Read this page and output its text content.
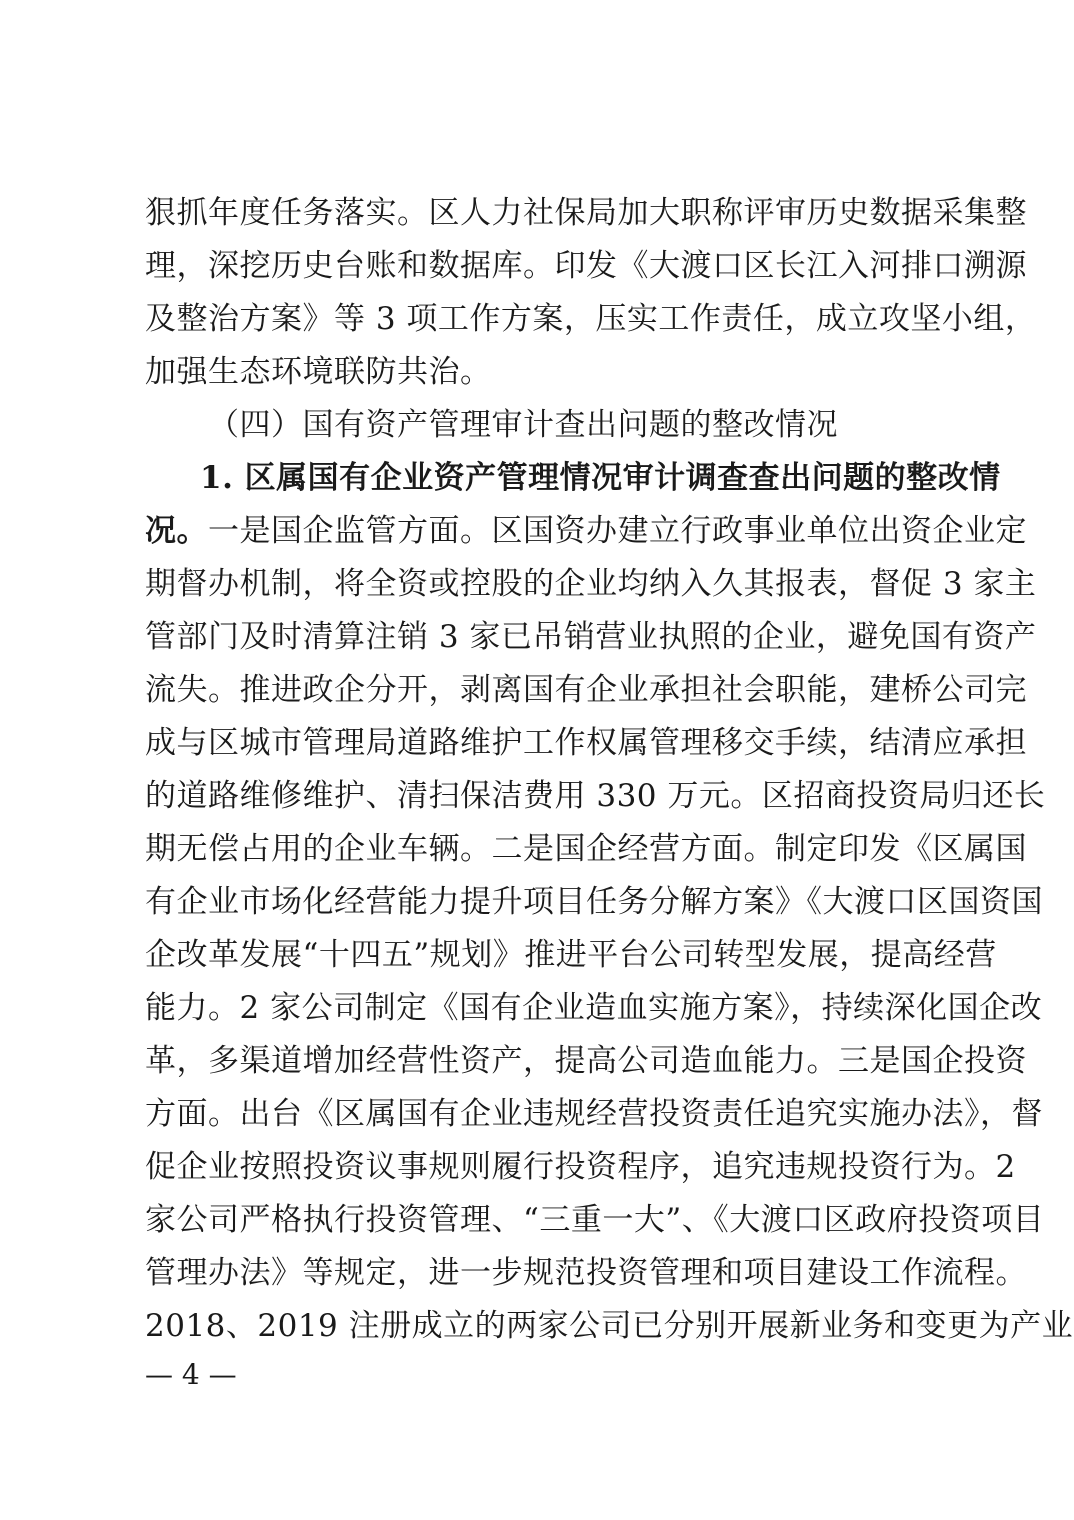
狠抓年度任务落实。区人力社保局加大职称评审历史数据采集整
理，深挖历史台账和数据库。印发《大渡口区长江入河排口溯源
及整治方案》等 3 项工作方案，压实工作责任，成立攻坚小组，
加强生态环境联防共治。
（四）国有资产管理审计查出问题的整改情况
1. 区属国有企业资产管理情况审计调查查出问题的整改情
况。一是国企监管方面。区国资办建立行政事业单位出资企业定
期督办机制，将全资或控股的企业均纳入久其报表，督促 3 家主
管部门及时清算注销 3 家已吊销营业执照的企业，避免国有资产
流失。推进政企分开，剥离国有企业承担社会职能，建桥公司完
成与区城市管理局道路维护工作权属管理移交手续，结清应承担
的道路维修维护、清扫保洁费用 330 万元。区招商投资局归还长
期无偿占用的企业车辆。二是国企经营方面。制定印发《区属国
有企业市场化经营能力提升项目任务分解方案》《大渡口区国资国
企改革发展“十四五”规划》推进平台公司转型发展，提高经营
能力。2 家公司制定《国有企业造血实施方案》，持续深化国企改
革，多渠道增加经营性资产，提高公司造血能力。三是国企投资
方面。出台《区属国有企业违规经营投资责任追究实施办法》，督
促企业按照投资议事规则履行投资程序，追究违规投资行为。2
家公司严格执行投资管理、“三重一大”、《大渡口区政府投资项目
管理办法》等规定，进一步规范投资管理和项目建设工作流程。
2018、2019 注册成立的两家公司已分别开展新业务和变更为产业
— 4 —
